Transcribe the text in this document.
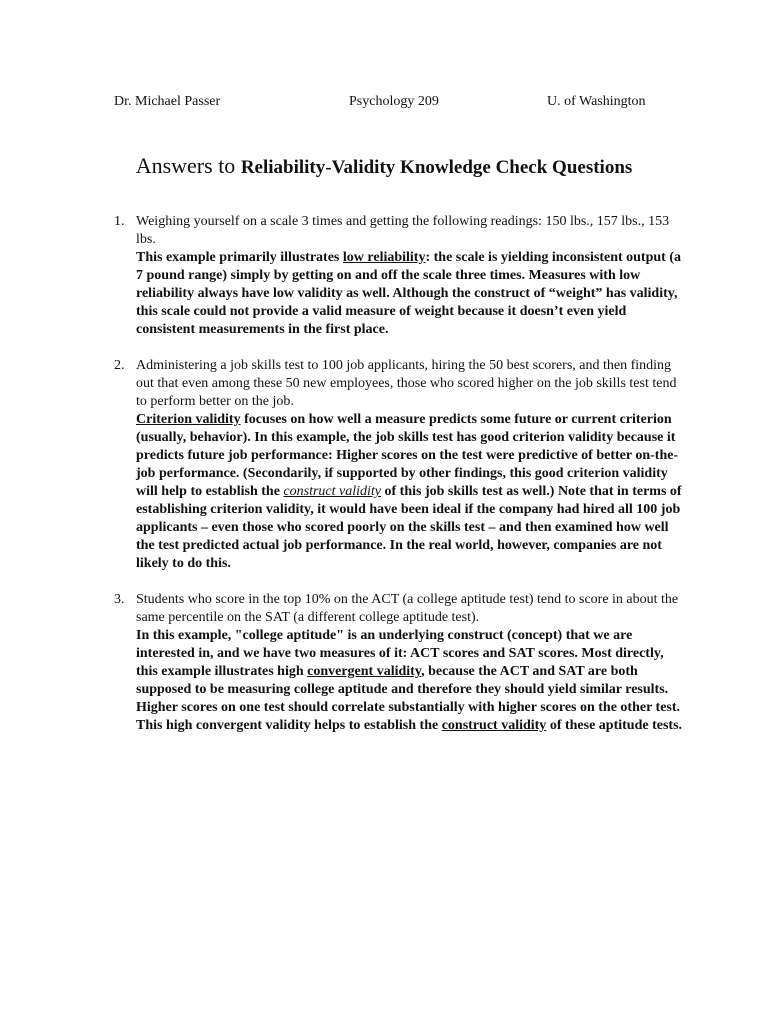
Dr. Michael Passer	Psychology 209	U. of Washington
Answers to Reliability-Validity Knowledge Check Questions
1. Weighing yourself on a scale 3 times and getting the following readings: 150 lbs., 157 lbs., 153 lbs.
This example primarily illustrates low reliability: the scale is yielding inconsistent output (a 7 pound range) simply by getting on and off the scale three times. Measures with low reliability always have low validity as well. Although the construct of “weight” has validity, this scale could not provide a valid measure of weight because it doesn’t even yield consistent measurements in the first place.
2. Administering a job skills test to 100 job applicants, hiring the 50 best scorers, and then finding out that even among these 50 new employees, those who scored higher on the job skills test tend to perform better on the job.
Criterion validity focuses on how well a measure predicts some future or current criterion (usually, behavior). In this example, the job skills test has good criterion validity because it predicts future job performance: Higher scores on the test were predictive of better on-the-job performance. (Secondarily, if supported by other findings, this good criterion validity will help to establish the construct validity of this job skills test as well.) Note that in terms of establishing criterion validity, it would have been ideal if the company had hired all 100 job applicants – even those who scored poorly on the skills test – and then examined how well the test predicted actual job performance. In the real world, however, companies are not likely to do this.
3. Students who score in the top 10% on the ACT (a college aptitude test) tend to score in about the same percentile on the SAT (a different college aptitude test).
In this example, "college aptitude" is an underlying construct (concept) that we are interested in, and we have two measures of it: ACT scores and SAT scores. Most directly, this example illustrates high convergent validity, because the ACT and SAT are both supposed to be measuring college aptitude and therefore they should yield similar results. Higher scores on one test should correlate substantially with higher scores on the other test. This high convergent validity helps to establish the construct validity of these aptitude tests.
